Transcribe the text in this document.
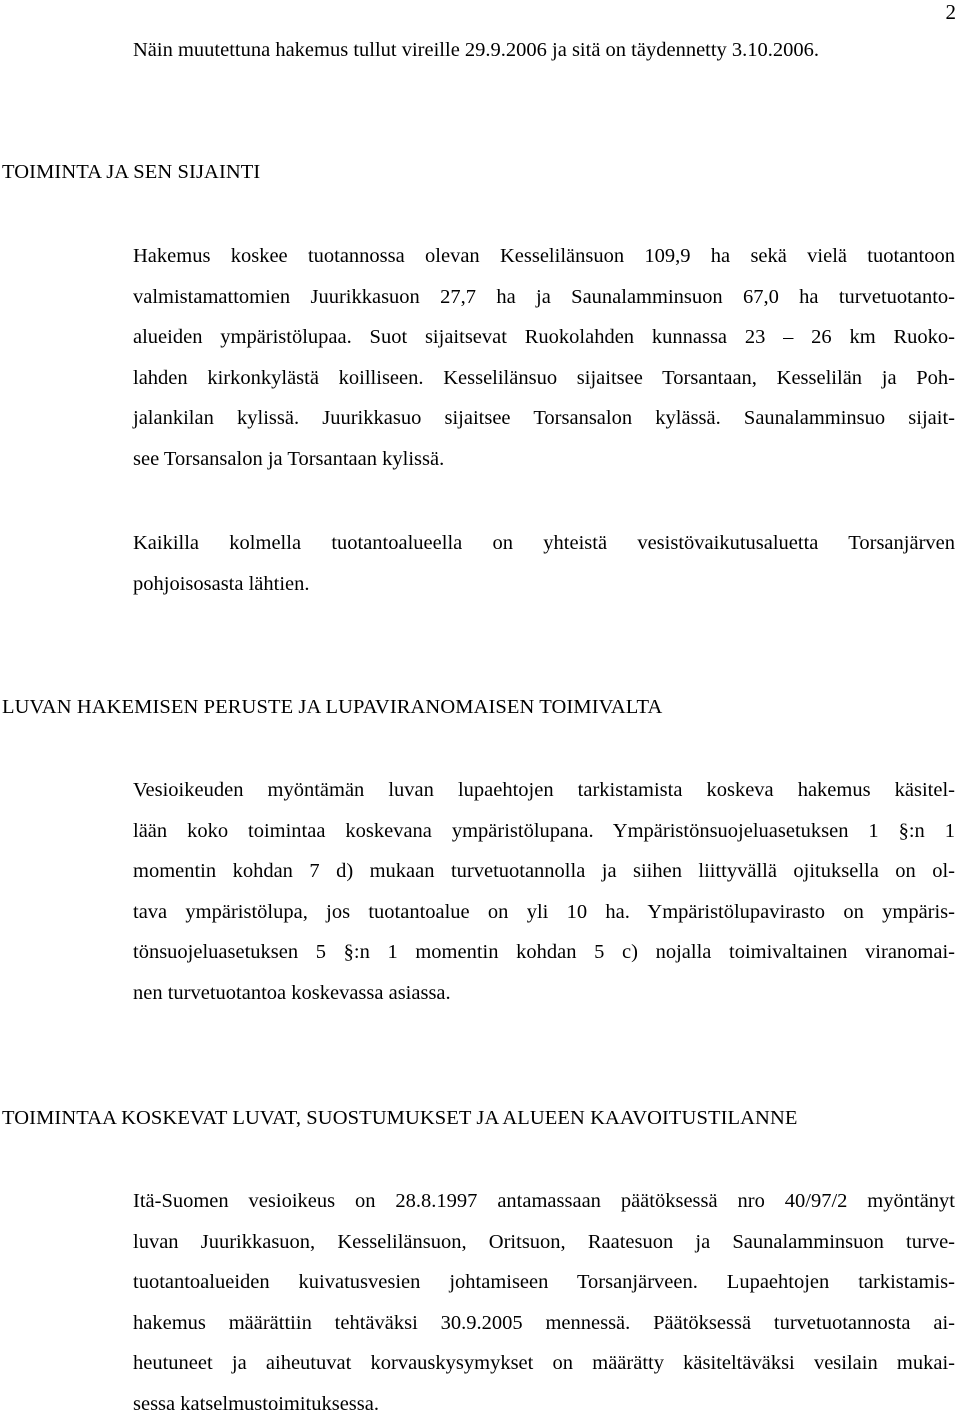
2
Näin muutettuna hakemus tullut vireille 29.9.2006 ja sitä on täydennetty 3.10.2006.
TOIMINTA JA SEN SIJAINTI
Hakemus koskee tuotannossa olevan Kesselilänsuon 109,9 ha sekä vielä tuotantoon
valmistamattomien Juurikkasuon 27,7 ha ja Saunalamminsuon 67,0 ha turvetuotanto-
alueiden ympäristölupaa. Suot sijaitsevat Ruokolahden kunnassa 23 – 26 km Ruoko-
lahden kirkonkylästä koilliseen. Kesselilänsuo sijaitsee Torsantaan, Kesselilän ja Poh-
jalankilan kylissä. Juurikkasuo sijaitsee Torsansalon kylässä. Saunalamminsuo sijait-
see Torsansalon ja Torsantaan kylissä.
Kaikilla kolmella tuotantoalueella on yhteistä vesistövaikutusaluetta Torsanjärven
pohjoisosasta lähtien.
LUVAN HAKEMISEN PERUSTE JA LUPAVIRANOMAISEN TOIMIVALTA
Vesioikeuden myöntämän luvan lupaehtojen tarkistamista koskeva hakemus käsitel-
lään koko toimintaa koskevana ympäristölupana. Ympäristönsuojeluasetuksen 1 §:n 1
momentin kohdan 7 d) mukaan turvetuotannolla ja siihen liittyvällä ojituksella on ol-
tava ympäristölupa, jos tuotantoalue on yli 10 ha. Ympäristölupavirasto on ympäris-
tönsuojeluasetuksen 5 §:n 1 momentin kohdan 5 c) nojalla toimivaltainen viranomai-
nen turvetuotantoa koskevassa asiassa.
TOIMINTAA KOSKEVAT LUVAT, SUOSTUMUKSET JA ALUEEN KAAVOITUSTILANNE
Itä-Suomen vesioikeus on 28.8.1997 antamassaan päätöksessä nro 40/97/2 myöntänyt
luvan Juurikkasuon, Kesselilänsuon, Oritsuon, Raatesuon ja Saunalamminsuon turve-
tuotantoalueiden kuivatusvesien johtamiseen Torsanjärveen. Lupaehtojen tarkistamis-
hakemus määrättiin tehtäväksi 30.9.2005 mennessä. Päätöksessä turvetuotannosta ai-
heutuneet ja aiheutuvat korvauskysymykset on määrätty käsiteltäväksi vesilain mukai-
sessa katselmustoimituksessa.
